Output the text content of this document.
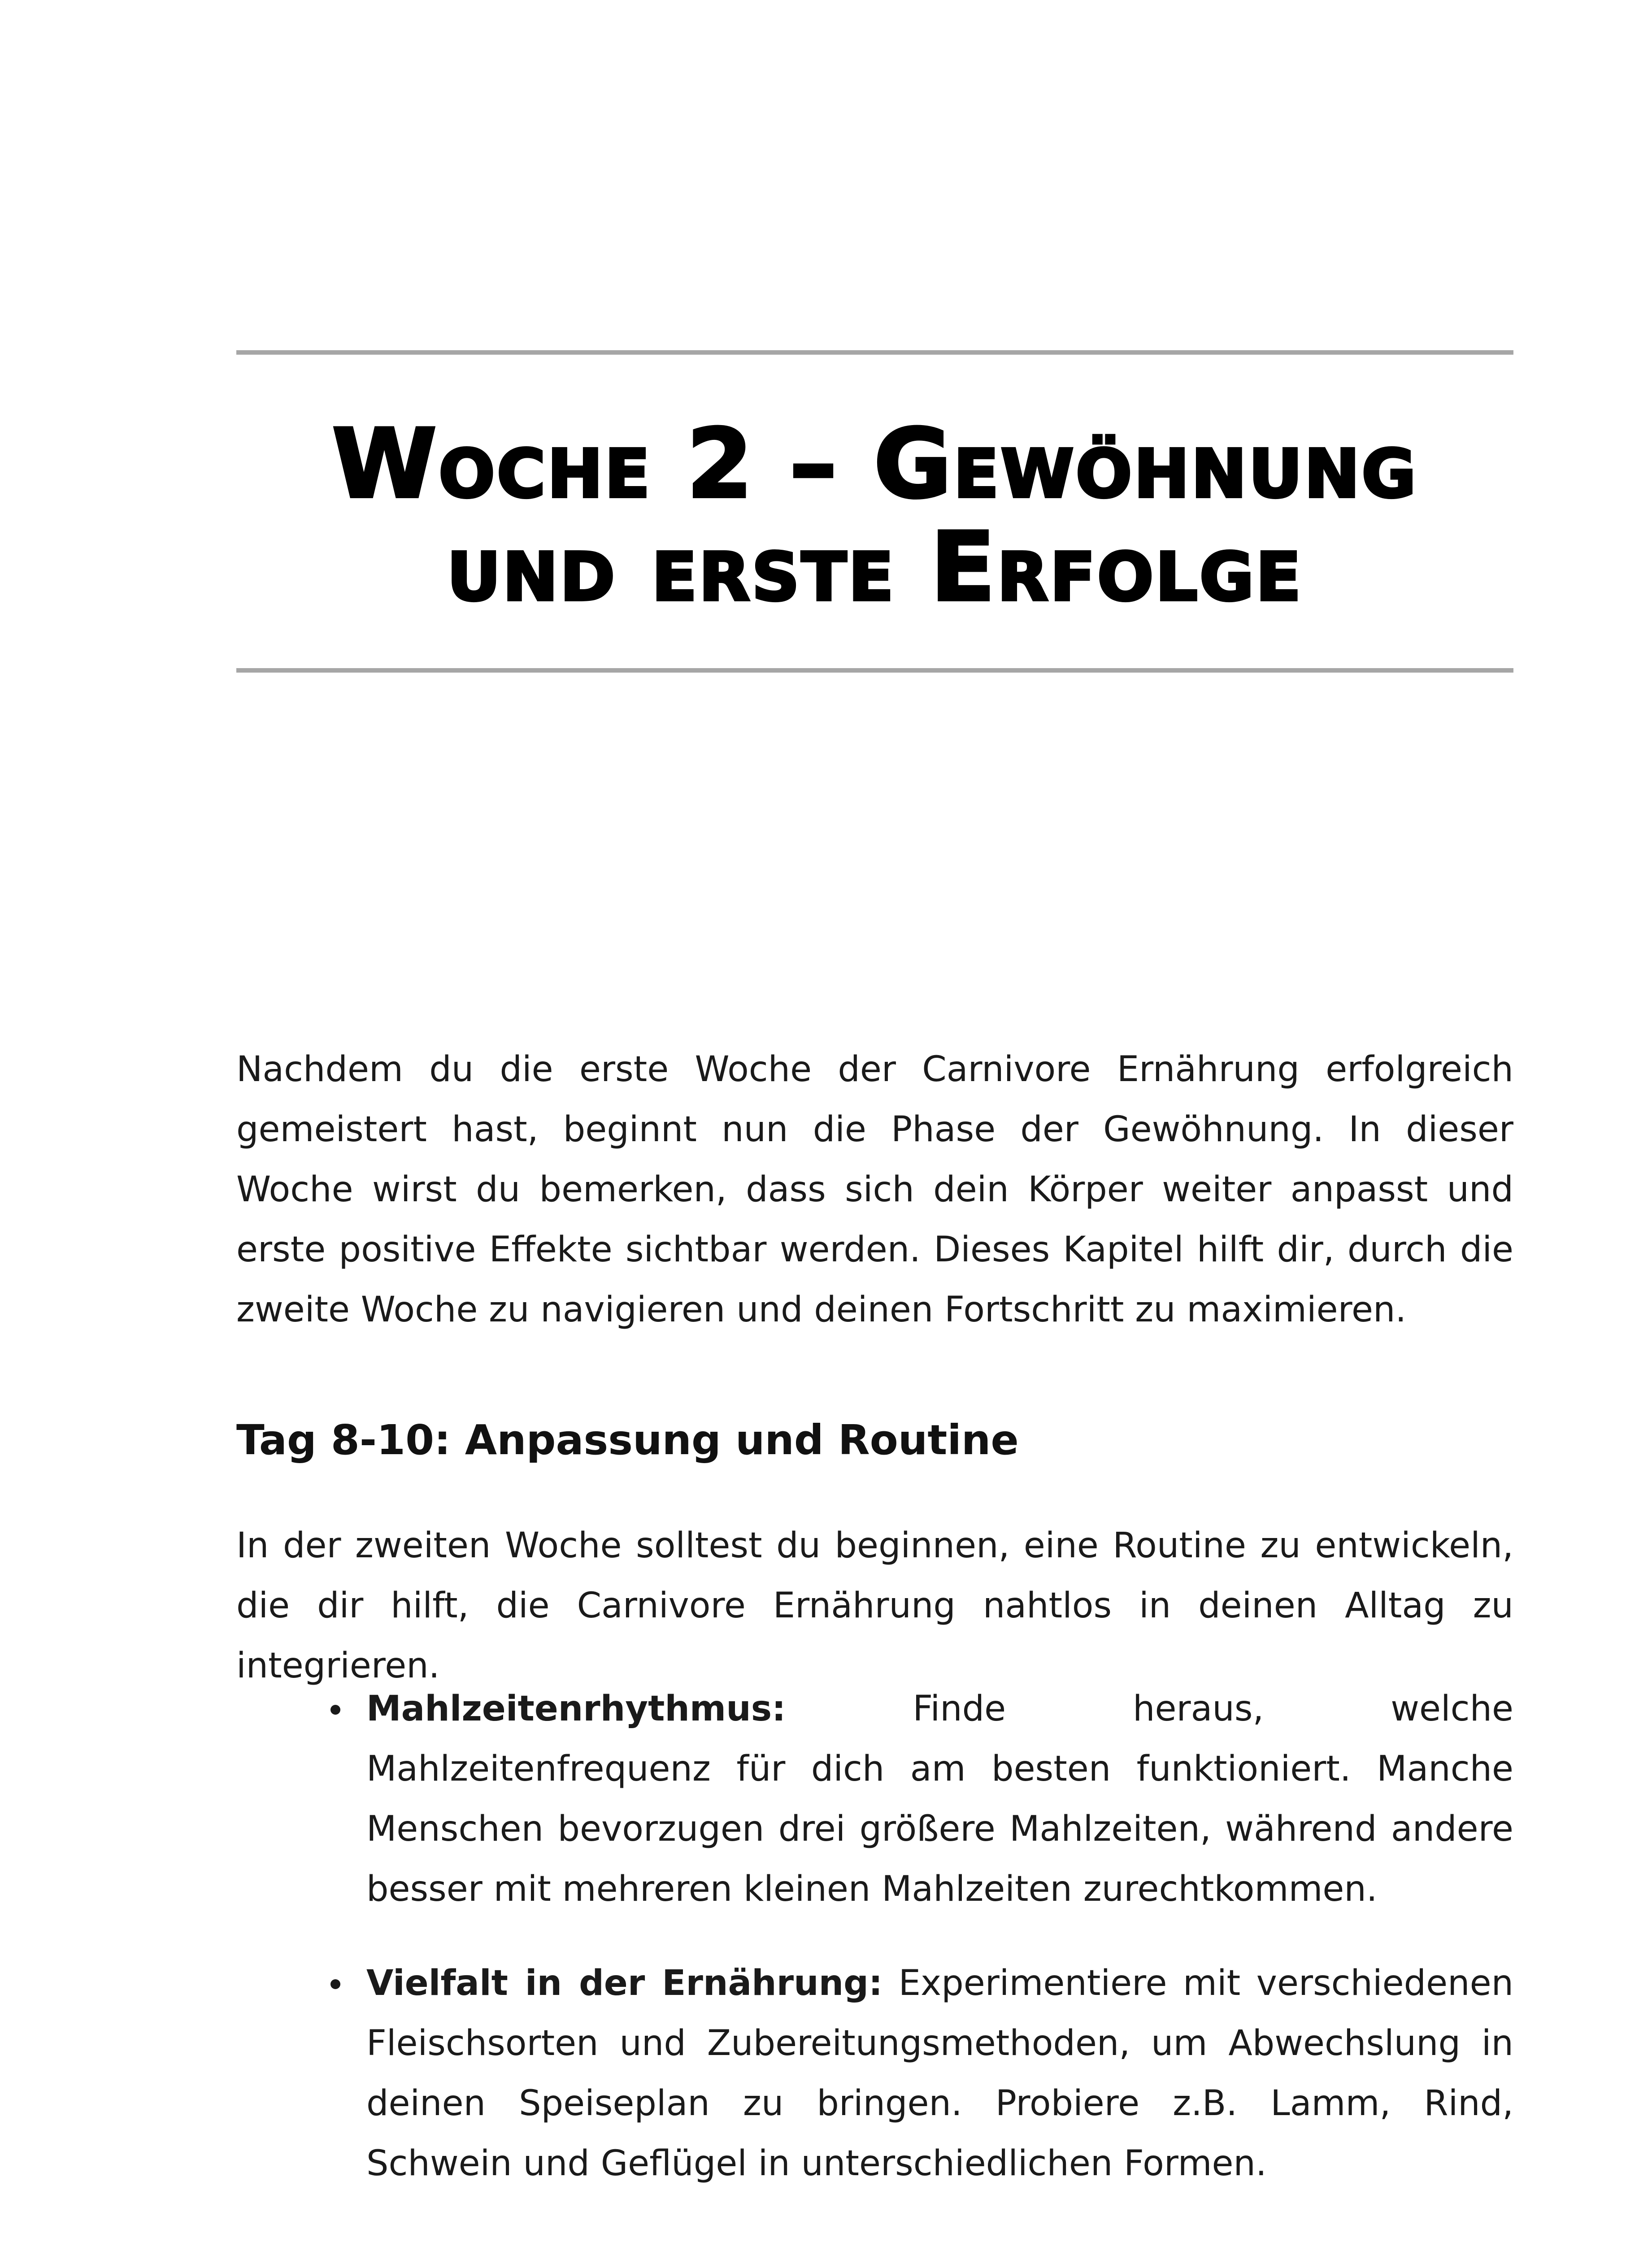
Woche 2 – Gewöhnung und erste Erfolge

Nachdem du die erste Woche der Carnivore Ernährung erfolgreich gemeistert hast, beginnt nun die Phase der Gewöhnung. In dieser Woche wirst du bemerken, dass sich dein Körper weiter anpasst und erste positive Effekte sichtbar werden. Dieses Kapitel hilft dir, durch die zweite Woche zu navigieren und deinen Fortschritt zu maximieren.

Tag 8-10: Anpassung und Routine

In der zweiten Woche solltest du beginnen, eine Routine zu entwickeln, die dir hilft, die Carnivore Ernährung nahtlos in deinen Alltag zu integrieren.

Mahlzeitenrhythmus: Finde heraus, welche Mahlzeitenfrequenz für dich am besten funktioniert. Manche Menschen bevorzugen drei größere Mahlzeiten, während andere besser mit mehreren kleinen Mahlzeiten zurechtkommen.
Vielfalt in der Ernährung: Experimentiere mit verschiedenen Fleischsorten und Zubereitungsmethoden, um Abwechslung in deinen Speiseplan zu bringen. Probiere z.B. Lamm, Rind, Schwein und Geflügel in unterschiedlichen Formen.
